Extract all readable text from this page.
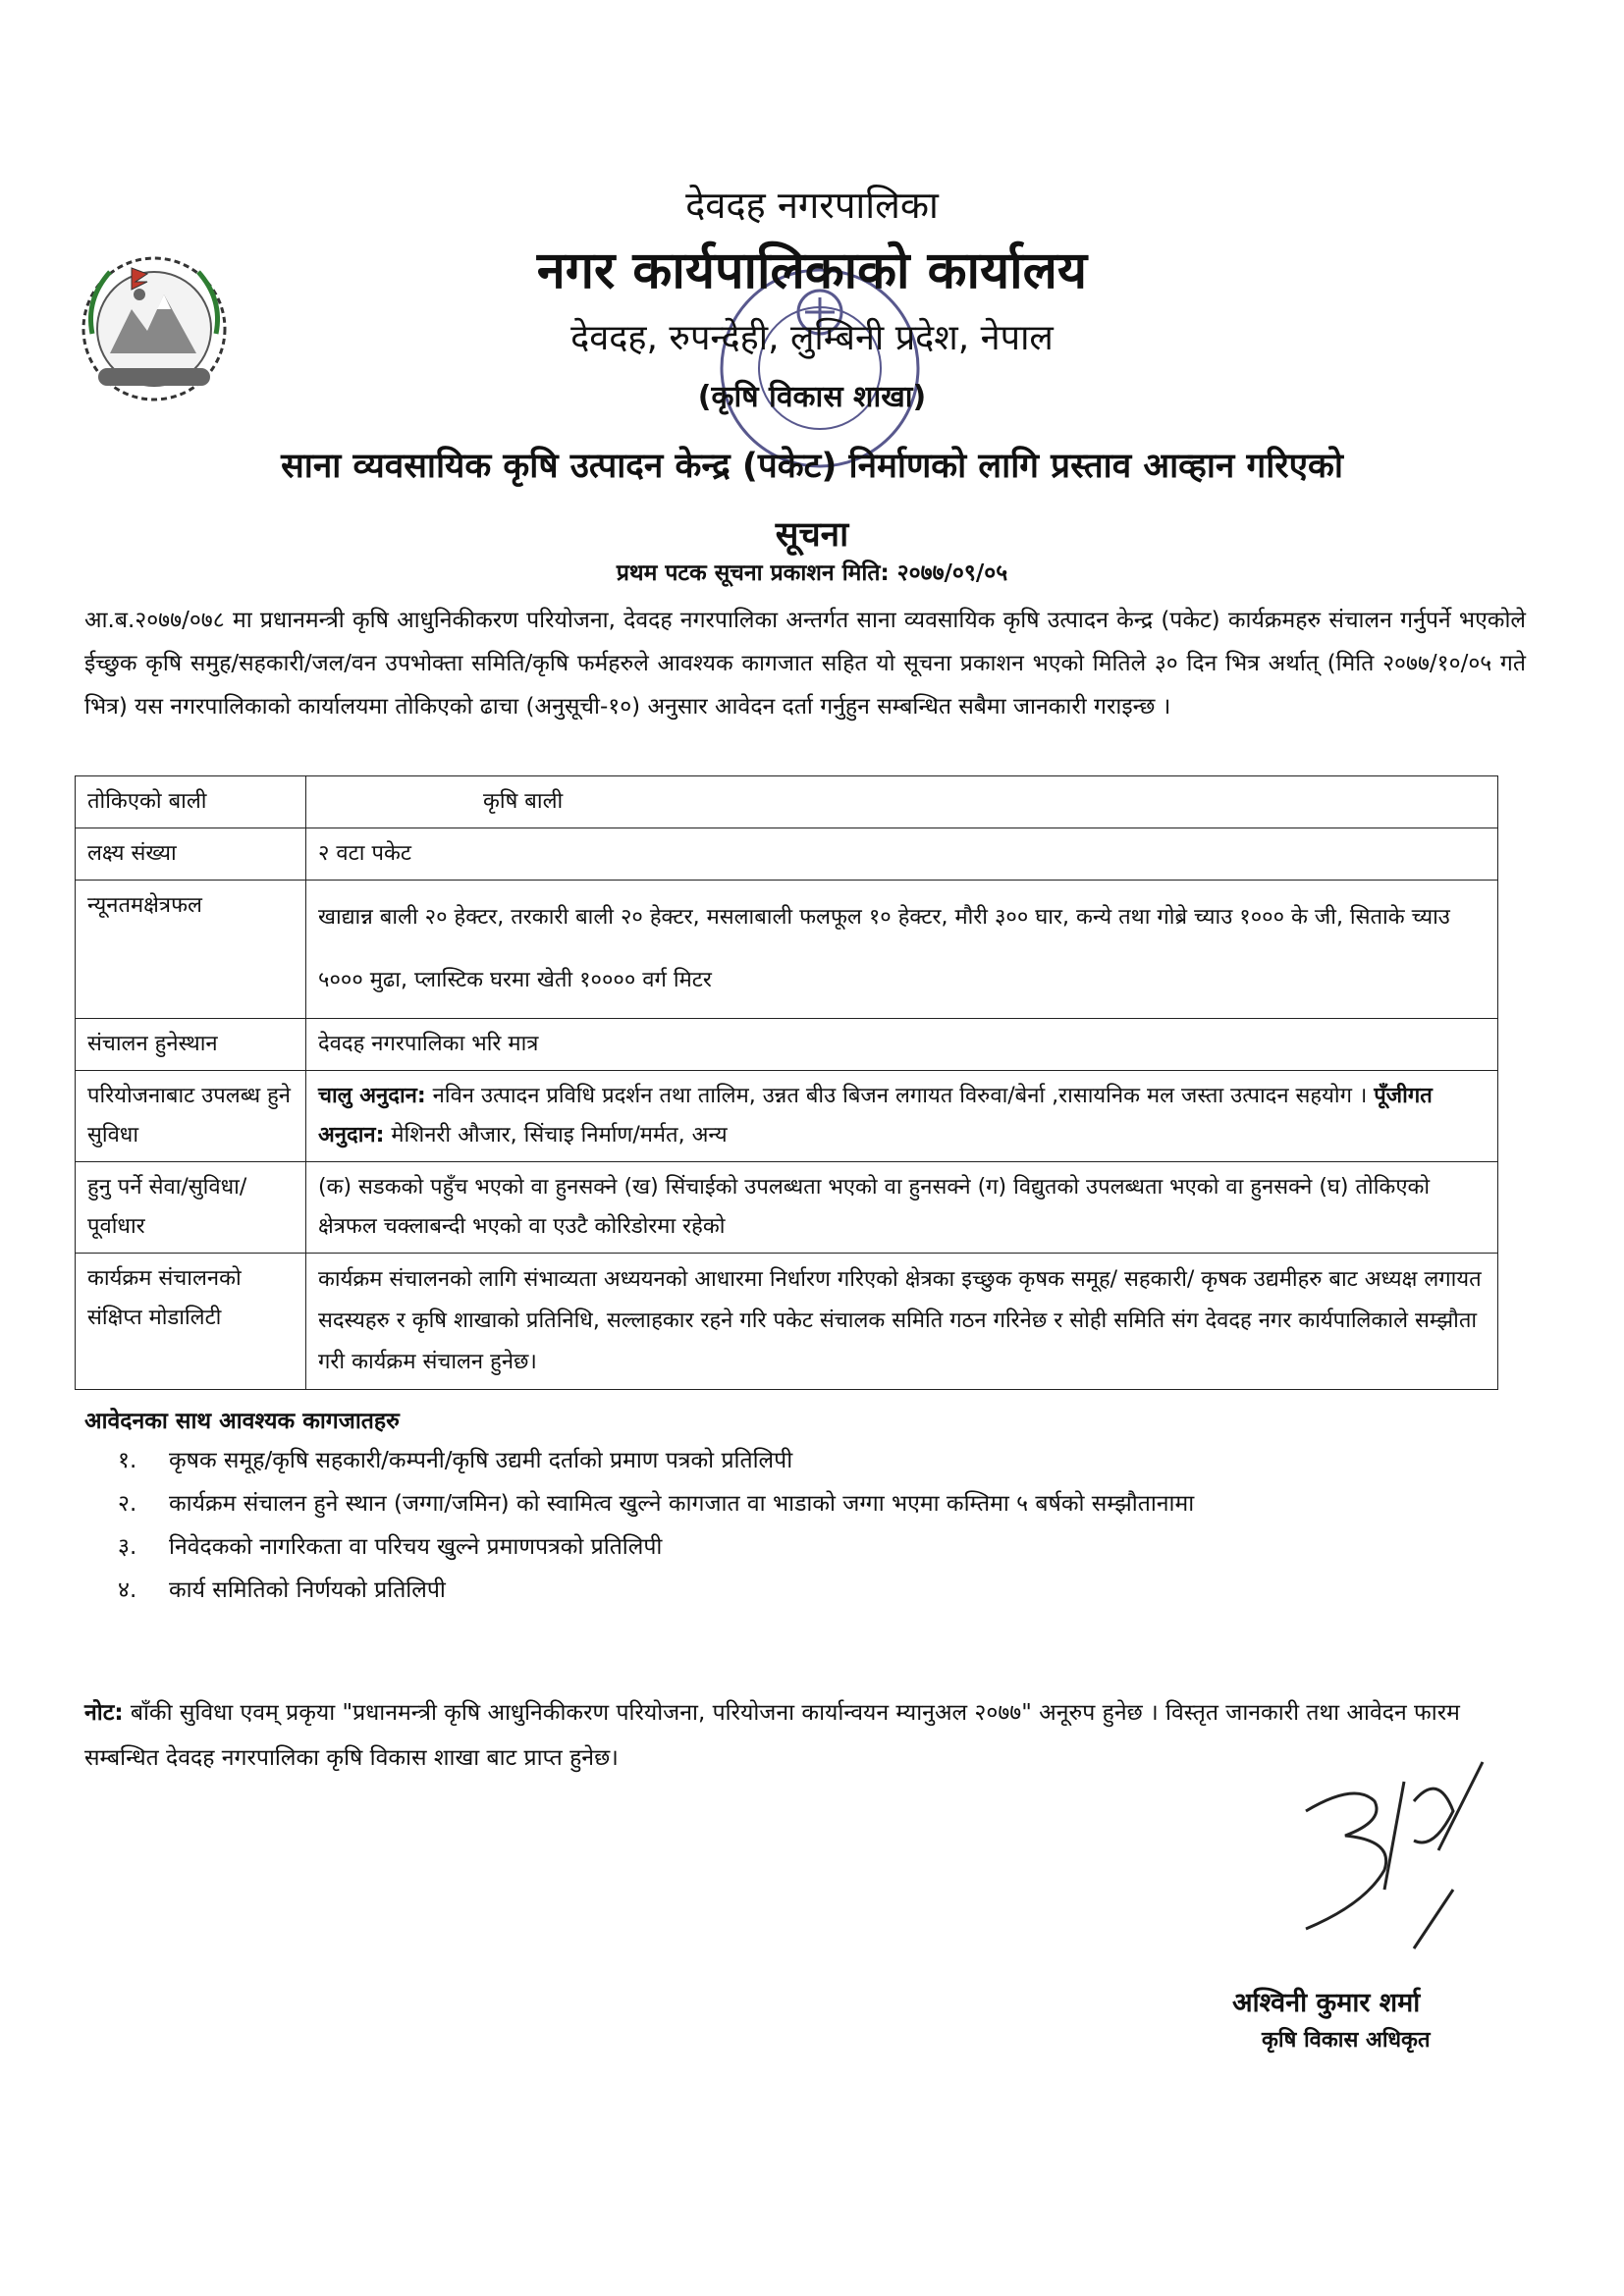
देवदह नगरपालिका
नगर कार्यपालिकाको कार्यालय
देवदह, रुपन्देही, लुम्बिनी प्रदेश, नेपाल
(कृषि विकास शाखा)
साना व्यवसायिक कृषि उत्पादन केन्द्र (पकेट) निर्माणको लागि प्रस्ताव आव्हान गरिएको
सूचना
प्रथम पटक सूचना प्रकाशन मिति: २०७७/०९/०५
आ.ब.२०७७/०७८ मा प्रधानमन्त्री कृषि आधुनिकीकरण परियोजना, देवदह नगरपालिका अन्तर्गत साना व्यवसायिक कृषि उत्पादन केन्द्र (पकेट) कार्यक्रमहरु संचालन गर्नुपर्ने भएकोले ईच्छुक कृषि समुह/सहकारी/जल/वन उपभोक्ता समिति/कृषि फर्महरुले आवश्यक कागजात सहित यो सूचना प्रकाशन भएको मितिले ३० दिन भित्र अर्थात् (मिति २०७७/१०/०५ गते भित्र) यस नगरपालिकाको कार्यालयमा तोकिएको ढाचा (अनुसूची-१०) अनुसार आवेदन दर्ता गर्नुहुन सम्बन्धित सबैमा जानकारी गराइन्छ ।
तोकिएको बाली	कृषि बाली
लक्ष्य संख्या	२ वटा पकेट
न्यूनतमक्षेत्रफल	खाद्यान्न बाली २० हेक्टर, तरकारी बाली २० हेक्टर, मसलाबाली फलफूल १० हेक्टर, मौरी ३०० घार, कन्ये तथा गोब्रे च्याउ १००० के जी, सिताके च्याउ ५००० मुढा, प्लास्टिक घरमा खेती १०००० वर्ग मिटर
संचालन हुनेस्थान	देवदह नगरपालिका भरि मात्र
परियोजनाबाट उपलब्ध हुने सुविधा	चालु अनुदान: नविन उत्पादन प्रविधि प्रदर्शन तथा तालिम, उन्नत बीउ बिजन लगायत विरुवा/बेर्ना ,रासायनिक मल जस्ता उत्पादन सहयोग । पूँजीगत अनुदान: मेशिनरी औजार, सिंचाइ निर्माण/मर्मत, अन्य
हुनु पर्ने सेवा/सुविधा/पूर्वाधार	(क) सडकको पहुँच भएको वा हुनसक्ने (ख) सिंचाईको उपलब्धता भएको वा हुनसक्ने (ग) विद्युतको उपलब्धता भएको वा हुनसक्ने (घ) तोकिएको क्षेत्रफल चक्लाबन्दी भएको वा एउटै कोरिडोरमा रहेको
कार्यक्रम संचालनको संक्षिप्त मोडालिटी	कार्यक्रम संचालनको लागि संभाव्यता अध्ययनको आधारमा निर्धारण गरिएको क्षेत्रका इच्छुक कृषक समूह/ सहकारी/ कृषक उद्यमीहरु बाट अध्यक्ष लगायत सदस्यहरु र कृषि शाखाको प्रतिनिधि, सल्लाहकार रहने गरि पकेट संचालक समिति गठन गरिनेछ र सोही समिति संग देवदह नगर कार्यपालिकाले सम्झौता गरी कार्यक्रम संचालन हुनेछ।
आवेदनका साथ आवश्यक कागजातहरु
१. कृषक समूह/कृषि सहकारी/कम्पनी/कृषि उद्यमी दर्ताको प्रमाण पत्रको प्रतिलिपी
२. कार्यक्रम संचालन हुने स्थान (जग्गा/जमिन) को स्वामित्व खुल्ने कागजात वा भाडाको जग्गा भएमा कम्तिमा ५ बर्षको सम्झौतानामा
३. निवेदकको नागरिकता वा परिचय खुल्ने प्रमाणपत्रको प्रतिलिपी
४. कार्य समितिको निर्णयको प्रतिलिपी
नोट: बाँकी सुविधा एवम् प्रकृया "प्रधानमन्त्री कृषि आधुनिकीकरण परियोजना, परियोजना कार्यान्वयन म्यानुअल २०७७" अनूरुप हुनेछ । विस्तृत जानकारी तथा आवेदन फारम सम्बन्धित देवदह नगरपालिका कृषि विकास शाखा बाट प्राप्त हुनेछ।
अश्विनी कुमार शर्मा
कृषि विकास अधिकृत
